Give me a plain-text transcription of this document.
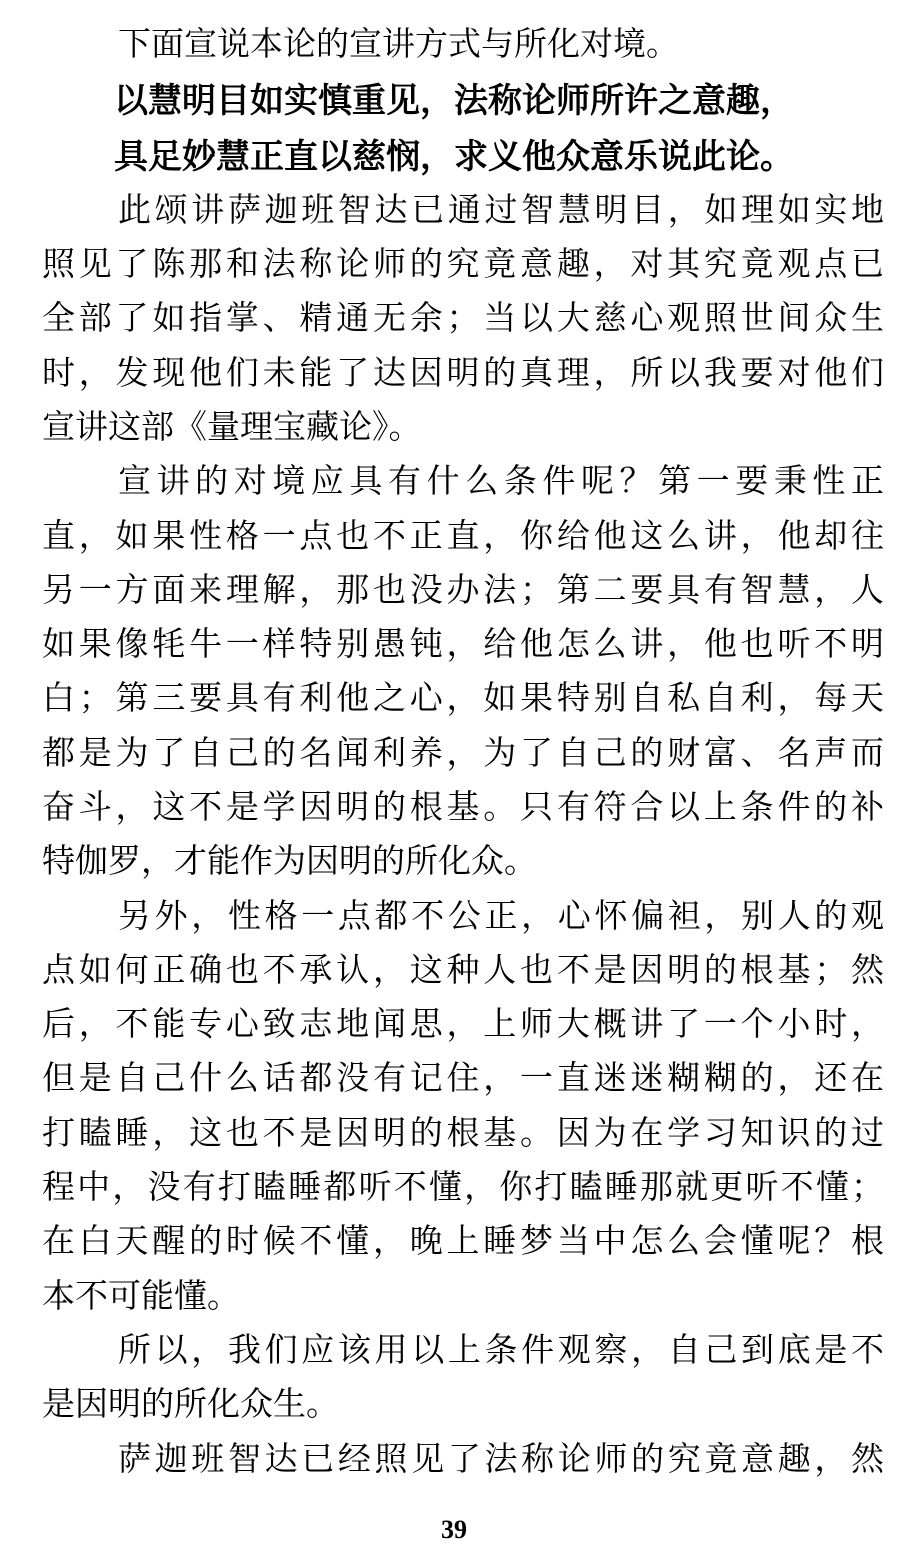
下面宣说本论的宣讲方式与所化对境。
以慧明目如实慎重见，法称论师所许之意趣，
具足妙慧正直以慈悯，求义他众意乐说此论。
此颂讲萨迦班智达已通过智慧明目，如理如实地
照见了陈那和法称论师的究竟意趣，对其究竟观点已
全部了如指掌、精通无余；当以大慈心观照世间众生
时，发现他们未能了达因明的真理，所以我要对他们
宣讲这部《量理宝藏论》。
宣讲的对境应具有什么条件呢？第一要秉性正
直，如果性格一点也不正直，你给他这么讲，他却往
另一方面来理解，那也没办法；第二要具有智慧，人
如果像牦牛一样特别愚钝，给他怎么讲，他也听不明
白；第三要具有利他之心，如果特别自私自利，每天
都是为了自己的名闻利养，为了自己的财富、名声而
奋斗，这不是学因明的根基。只有符合以上条件的补
特伽罗，才能作为因明的所化众。
另外，性格一点都不公正，心怀偏袒，别人的观
点如何正确也不承认，这种人也不是因明的根基；然
后，不能专心致志地闻思，上师大概讲了一个小时，
但是自己什么话都没有记住，一直迷迷糊糊的，还在
打瞌睡，这也不是因明的根基。因为在学习知识的过
程中，没有打瞌睡都听不懂，你打瞌睡那就更听不懂；
在白天醒的时候不懂，晚上睡梦当中怎么会懂呢？根
本不可能懂。
所以，我们应该用以上条件观察，自己到底是不
是因明的所化众生。
萨迦班智达已经照见了法称论师的究竟意趣，然
39
